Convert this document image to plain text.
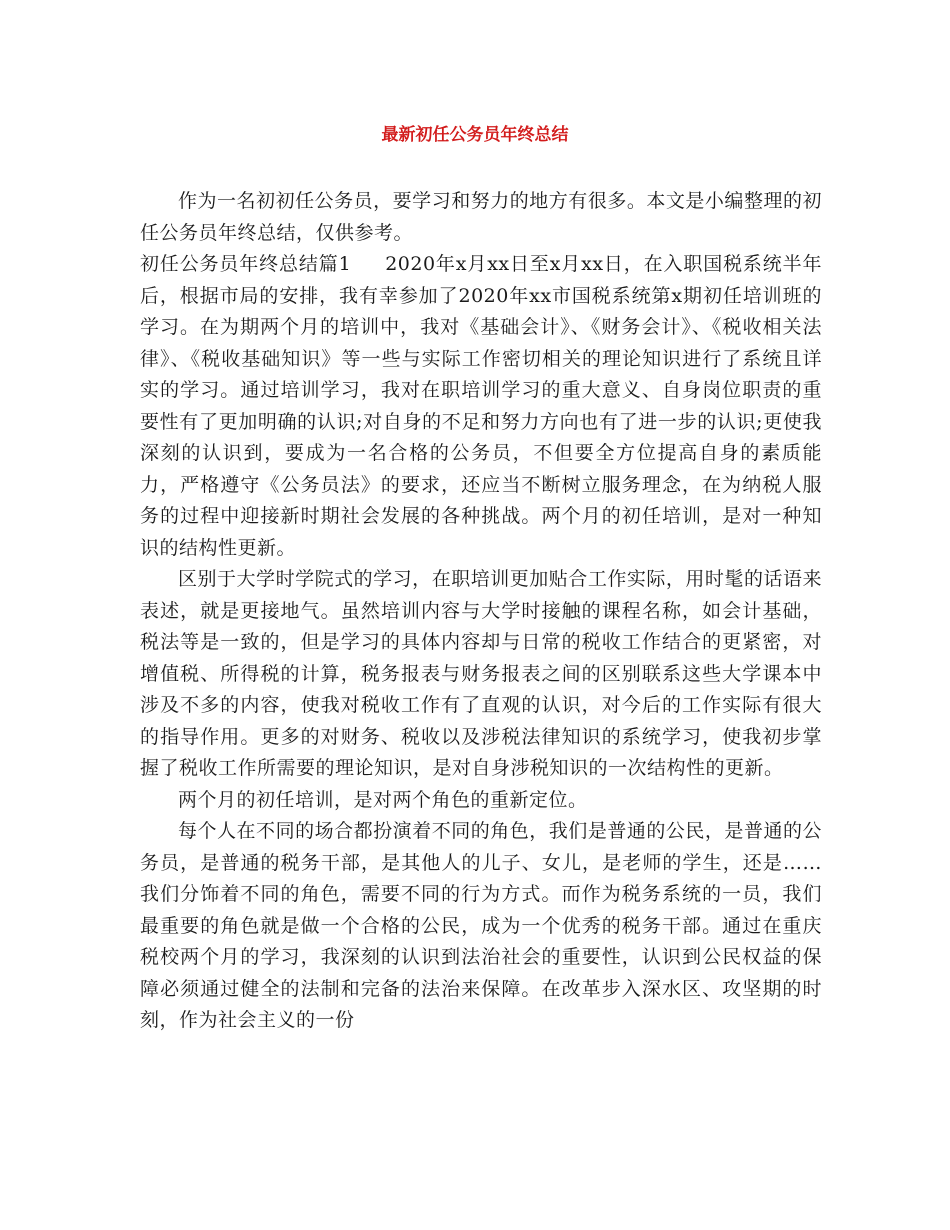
最新初任公务员年终总结

作为一名初初任公务员，要学习和努力的地方有很多。本文是小编整理的初任公务员年终总结，仅供参考。

初任公务员年终总结篇1 2020年x月xx日至x月xx日，在入职国税系统半年后，根据市局的安排，我有幸参加了2020年xx市国税系统第x期初任培训班的学习。在为期两个月的培训中，我对《基础会计》、《财务会计》、《税收相关法律》、《税收基础知识》等一些与实际工作密切相关的理论知识进行了系统且详实的学习。通过培训学习，我对在职培训学习的重大意义、自身岗位职责的重要性有了更加明确的认识;对自身的不足和努力方向也有了进一步的认识;更使我深刻的认识到，要成为一名合格的公务员，不但要全方位提高自身的素质能力，严格遵守《公务员法》的要求，还应当不断树立服务理念，在为纳税人服务的过程中迎接新时期社会发展的各种挑战。两个月的初任培训，是对一种知识的结构性更新。

区别于大学时学院式的学习，在职培训更加贴合工作实际，用时髦的话语来表述，就是更接地气。虽然培训内容与大学时接触的课程名称，如会计基础，税法等是一致的，但是学习的具体内容却与日常的税收工作结合的更紧密，对增值税、所得税的计算，税务报表与财务报表之间的区别联系这些大学课本中涉及不多的内容，使我对税收工作有了直观的认识，对今后的工作实际有很大的指导作用。更多的对财务、税收以及涉税法律知识的系统学习，使我初步掌握了税收工作所需要的理论知识，是对自身涉税知识的一次结构性的更新。

两个月的初任培训，是对两个角色的重新定位。

每个人在不同的场合都扮演着不同的角色，我们是普通的公民，是普通的公务员，是普通的税务干部，是其他人的儿子、女儿，是老师的学生，还是……我们分饰着不同的角色，需要不同的行为方式。而作为税务系统的一员，我们最重要的角色就是做一个合格的公民，成为一个优秀的税务干部。通过在重庆税校两个月的学习，我深刻的认识到法治社会的重要性，认识到公民权益的保障必须通过健全的法制和完备的法治来保障。在改革步入深水区、攻坚期的时刻，作为社会主义的一份
